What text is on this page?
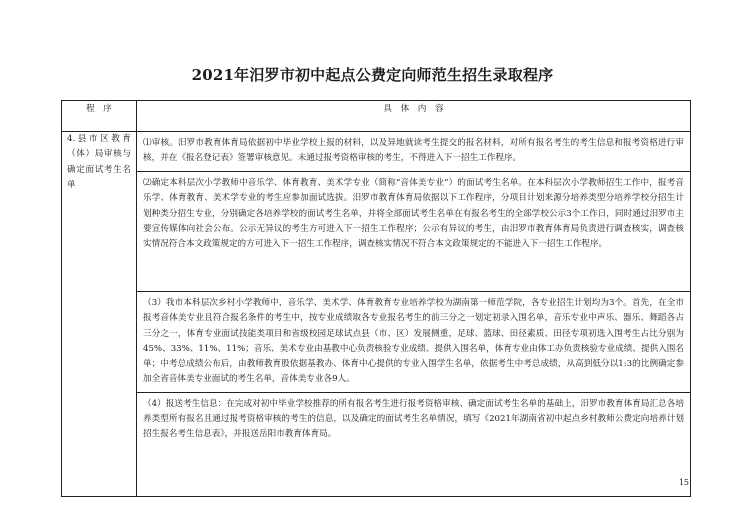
2021年汨罗市初中起点公费定向师范生招生录取程序
程　序	具　体　内　容
4.县市区教育（体）局审核与确定面试考生名单	⑴审核。汨罗市教育体育局依据初中毕业学校上报的材料，以及异地就读考生提交的报名材料，对所有报名考生的考生信息和报考资格进行审核，并在《报名登记表》签署审核意见。未通过报考资格审核的考生，不得进入下一招生工作程序。
	⑵确定本科层次小学教师中音乐学、体育教育、美术学专业（简称“音体美专业”）的面试考生名单。在本科层次小学教师招生工作中，报考音乐学、体育教育、美术学专业的考生应参加面试选拔。汨罗市教育体育局依据以下工作程序，分项目计划来源分培养类型分培养学校分招生计划种类分招生专业，分别确定各培养学校的面试考生名单，并将全部面试考生名单在有报名考生的全部学校公示3个工作日，同时通过汨罗市主要宣传媒体向社会公布。公示无异议的考生方可进入下一招生工作程序；公示有异议的考生，由汨罗市教育体育局负责进行调查核实，调查核实情况符合本文政策规定的方可进入下一招生工作程序，调查核实情况不符合本文政策规定的不能进入下一招生工作程序。
	（3）我市本科层次乡村小学教师中，音乐学、美术学、体育教育专业培养学校为湖南第一师范学院，各专业招生计划均为3个。首先，在全市报考音体美专业且符合报名条件的考生中，按专业成绩取各专业报名考生的前三分之一划定初录入围名单，音乐专业中声乐、器乐、舞蹈各占三分之一，体育专业面试技能类项目和省级校园足球试点县（市、区）发展侧重，足球、篮球、田径素质、田径专项初选入围考生占比分别为45%、33%、11%、11%；音乐、美术专业由基教中心负责核验专业成绩、提供入围名单，体育专业由体工办负责核验专业成绩、提供入围名单；中考总成绩公布后，由教师教育股依据基教办、体育中心提供的专业入围学生名单，依据考生中考总成绩，从高到低分以1:3的比例确定参加全省音体美专业面试的考生名单，音体美专业各9人。
	（4）报送考生信息：在完成对初中毕业学校推荐的所有报名考生进行报考资格审核、确定面试考生名单的基础上，汨罗市教育体育局汇总各培养类型所有报名且通过报考资格审核的考生的信息，以及确定的面试考生名单情况，填写《2021年湖南省初中起点乡村教师公费定向培养计划招生报名考生信息表》，并报送岳阳市教育体育局。
15
